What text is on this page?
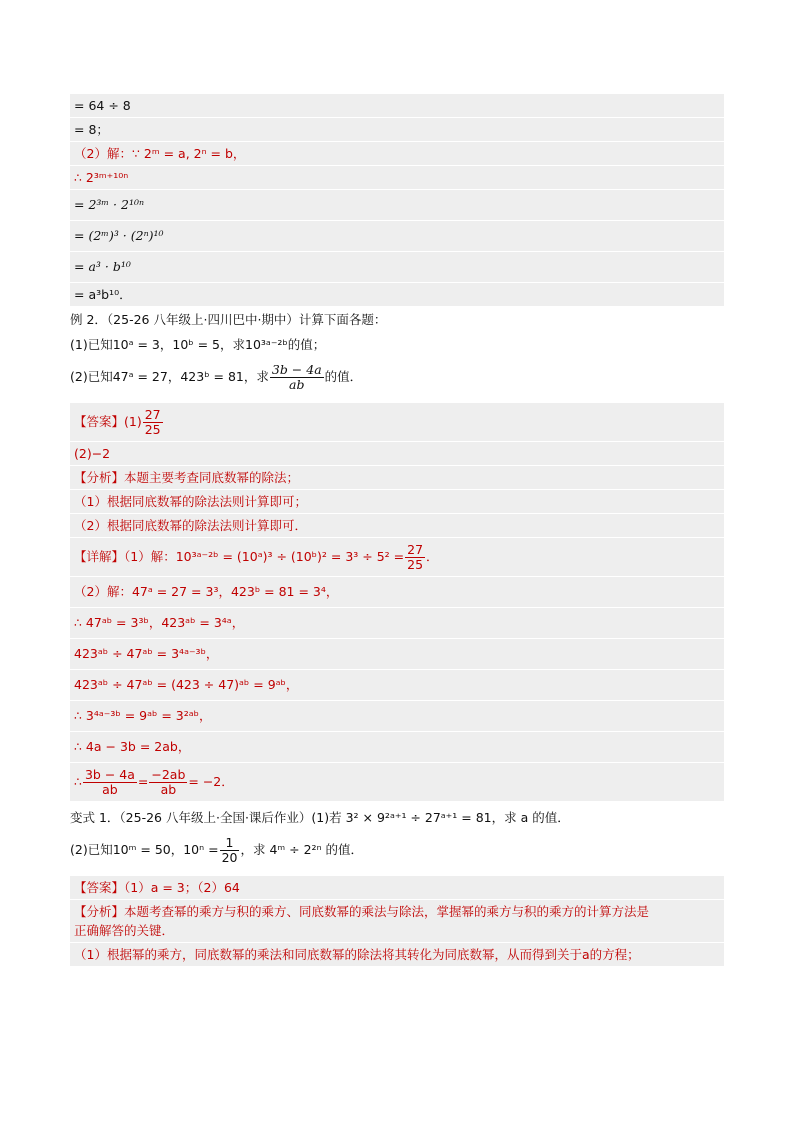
= 64 ÷ 8
= 8；
（2）解：∵ 2ᵐ = a, 2ⁿ = b，
∴ 2³ᵐ⁺¹⁰ⁿ
= 2³ᵐ · 2¹⁰ⁿ
= (2ᵐ)³ · (2ⁿ)¹⁰
= a³ · b¹⁰
= a³b¹⁰．
例 2．（25-26 八年级上·四川巴中·期中）计算下面各题：
(1)已知10ᵃ = 3，10ᵇ = 5，求10³ᵃ⁻²ᵇ的值；
(2)已知47ᵃ = 27，423ᵇ = 81，求 $\frac{3b - 4a}{ab}$ 的值．
【答案】$(1) \frac{27}{25}$
(2)−2
【分析】本题主要考查同底数幂的除法；
（1）根据同底数幂的除法法则计算即可；
（2）根据同底数幂的除法法则计算即可．
【详解】（1）解：10³ᵃ⁻²ᵇ = (10ᵃ)³ ÷ (10ᵇ)² = $3^3 \div 5^2 = \frac{27}{25}$ ．
（2）解：47ᵃ = 27 = 3³，423ᵇ = 81 = 3⁴，
∴ 47ᵃᵇ = 3³ᵇ，423ᵃᵇ = 3⁴ᵃ，
423ᵃᵇ ÷ 47ᵃᵇ = 3⁴ᵃ⁻³ᵇ，
423ᵃᵇ ÷ 47ᵃᵇ = (423 ÷ 47)ᵃᵇ = 9ᵃᵇ，
∴ 3⁴ᵃ⁻³ᵇ = 9ᵃᵇ = 3²ᵃᵇ，
∴ 4a − 3b = 2ab，
∴ $\frac{3b - 4a}{ab} = \frac{-2ab}{ab} = -2$．
变式 1．（25-26 八年级上·全国·课后作业）(1)若 3² × 9²ᵃ⁺¹ ÷ 27ᵃ⁺¹ = 81，求 a 的值．
(2)已知10ᵐ = 50，$10^n = \frac{1}{20}$ ，求 4ᵐ ÷ 2²ⁿ 的值．
【答案】（1）a = 3；（2）64
【分析】本题考查幂的乘方与积的乘方、同底数幂的乘法与除法，掌握幂的乘方与积的乘方的计算方法是
正确解答的关键．
（1）根据幂的乘方，同底数幂的乘法和同底数幂的除法将其转化为同底数幂，从而得到关于a的方程；
